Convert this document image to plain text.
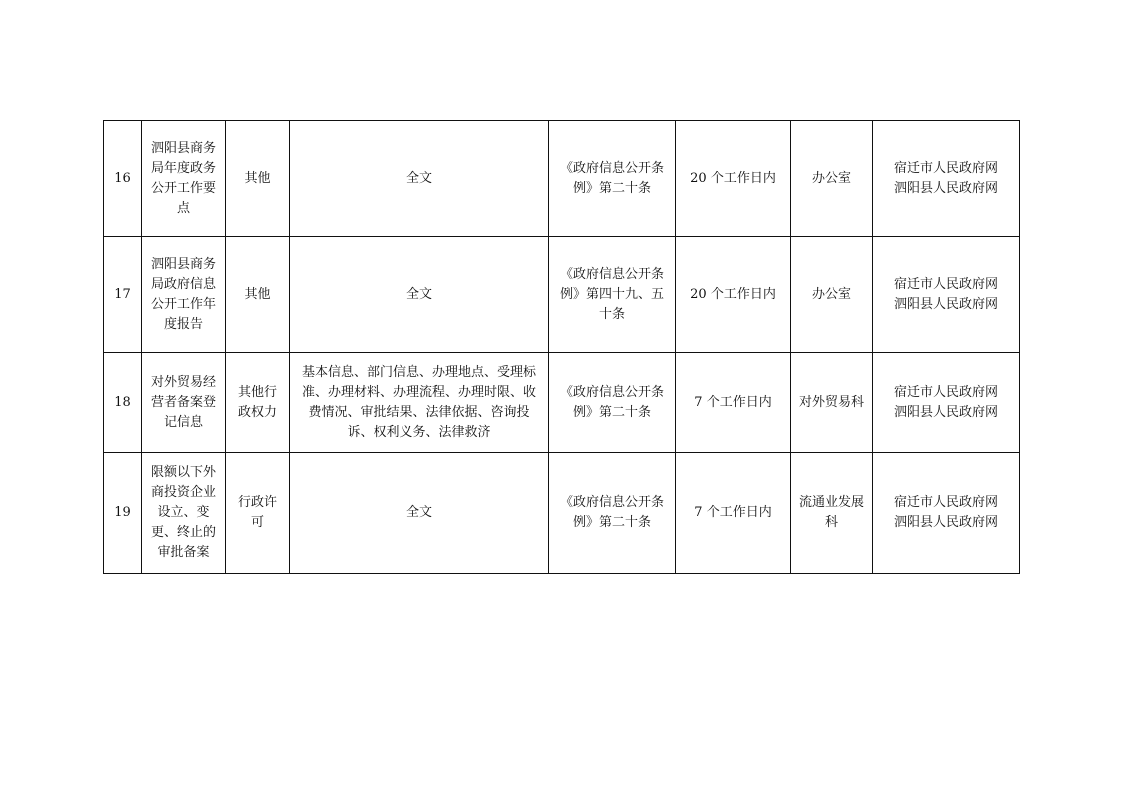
16	泗阳县商务局年度政务公开工作要点	其他	全文	《政府信息公开条例》第二十条	20 个工作日内	办公室	宿迁市人民政府网
泗阳县人民政府网

17	泗阳县商务局政府信息公开工作年度报告	其他	全文	《政府信息公开条例》第四十九、五十条	20 个工作日内	办公室	宿迁市人民政府网
泗阳县人民政府网

18	对外贸易经营者备案登记信息	其他行政权力	基本信息、部门信息、办理地点、受理标准、办理材料、办理流程、办理时限、收费情况、审批结果、法律依据、咨询投诉、权利义务、法律救济	《政府信息公开条例》第二十条	7 个工作日内	对外贸易科	宿迁市人民政府网
泗阳县人民政府网

19	限额以下外商投资企业设立、变更、终止的审批备案	行政许可	全文	《政府信息公开条例》第二十条	7 个工作日内	流通业发展科	宿迁市人民政府网
泗阳县人民政府网
